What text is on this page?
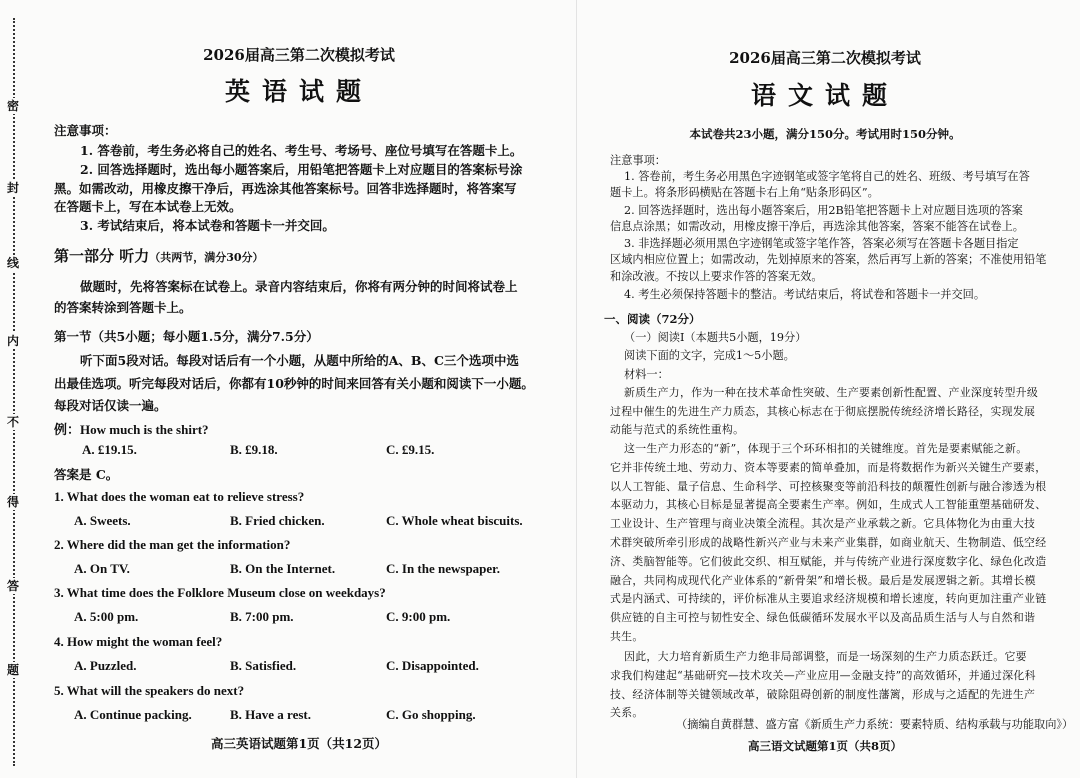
密
封
线
内
不
得
答
题
2026届高三第二次模拟考试
英语试题
注意事项：
1. 答卷前，考生务必将自己的姓名、考生号、考场号、座位号填写在答题卡上。
2. 回答选择题时，选出每小题答案后，用铅笔把答题卡上对应题目的答案标号涂
黑。如需改动，用橡皮擦干净后，再选涂其他答案标号。回答非选择题时，将答案写
在答题卡上，写在本试卷上无效。
3. 考试结束后，将本试卷和答题卡一并交回。
第一部分 听力（共两节，满分30分）
做题时，先将答案标在试卷上。录音内容结束后，你将有两分钟的时间将试卷上
的答案转涂到答题卡上。
第一节（共5小题；每小题1.5分，满分7.5分）
听下面5段对话。每段对话后有一个小题，从题中所给的A、B、C三个选项中选
出最佳选项。听完每段对话后，你都有10秒钟的时间来回答有关小题和阅读下一小题。
每段对话仅读一遍。
例：How much is the shirt?
A. £19.15.	B. £9.18.	C. £9.15.
答案是 C。
1. What does the woman eat to relieve stress?
A. Sweets.	B. Fried chicken.	C. Whole wheat biscuits.
2. Where did the man get the information?
A. On TV.	B. On the Internet.	C. In the newspaper.
3. What time does the Folklore Museum close on weekdays?
A. 5:00 pm.	B. 7:00 pm.	C. 9:00 pm.
4. How might the woman feel?
A. Puzzled.	B. Satisfied.	C. Disappointed.
5. What will the speakers do next?
A. Continue packing.	B. Have a rest.	C. Go shopping.
高三英语试题第1页（共12页）
2026届高三第二次模拟考试
语文试题
本试卷共23小题，满分150分。考试用时150分钟。
注意事项：
1. 答卷前，考生务必用黑色字迹钢笔或签字笔将自己的姓名、班级、考号填写在答
题卡上。将条形码横贴在答题卡右上角“贴条形码区”。
2. 回答选择题时，选出每小题答案后，用2B铅笔把答题卡上对应题目选项的答案
信息点涂黑；如需改动，用橡皮擦干净后，再选涂其他答案，答案不能答在试卷上。
3. 非选择题必须用黑色字迹钢笔或签字笔作答，答案必须写在答题卡各题目指定
区域内相应位置上；如需改动，先划掉原来的答案，然后再写上新的答案；不准使用铅笔
和涂改液。不按以上要求作答的答案无效。
4. 考生必须保持答题卡的整洁。考试结束后，将试卷和答题卡一并交回。
一、阅读（72分）
（一）阅读Ⅰ（本题共5小题，19分）
阅读下面的文字，完成1～5小题。
材料一：
新质生产力，作为一种在技术革命性突破、生产要素创新性配置、产业深度转型升级
过程中催生的先进生产力质态，其核心标志在于彻底摆脱传统经济增长路径，实现发展
动能与范式的系统性重构。
这一生产力形态的“新”，体现于三个环环相扣的关键维度。首先是要素赋能之新。
它并非传统土地、劳动力、资本等要素的简单叠加，而是将数据作为新兴关键生产要素，
以人工智能、量子信息、生命科学、可控核聚变等前沿科技的颠覆性创新与融合渗透为根
本驱动力，其核心目标是显著提高全要素生产率。例如，生成式人工智能重塑基础研发、
工业设计、生产管理与商业决策全流程。其次是产业承载之新。它具体物化为由重大技
术群突破所牵引形成的战略性新兴产业与未来产业集群，如商业航天、生物制造、低空经
济、类脑智能等。它们彼此交织、相互赋能，并与传统产业进行深度数字化、绿色化改造
融合，共同构成现代化产业体系的“新骨架”和增长极。最后是发展逻辑之新。其增长模
式是内涵式、可持续的，评价标准从主要追求经济规模和增长速度，转向更加注重产业链
供应链的自主可控与韧性安全、绿色低碳循环发展水平以及高品质生活与人与自然和谐
共生。
因此，大力培育新质生产力绝非局部调整，而是一场深刻的生产力质态跃迁。它要
求我们构建起“基础研究—技术攻关—产业应用—金融支持”的高效循环，并通过深化科
技、经济体制等关键领域改革，破除阻碍创新的制度性藩篱，形成与之适配的先进生产
关系。
（摘编自黄群慧、盛方富《新质生产力系统：要素特质、结构承载与功能取向》）
高三语文试题第1页（共8页）
